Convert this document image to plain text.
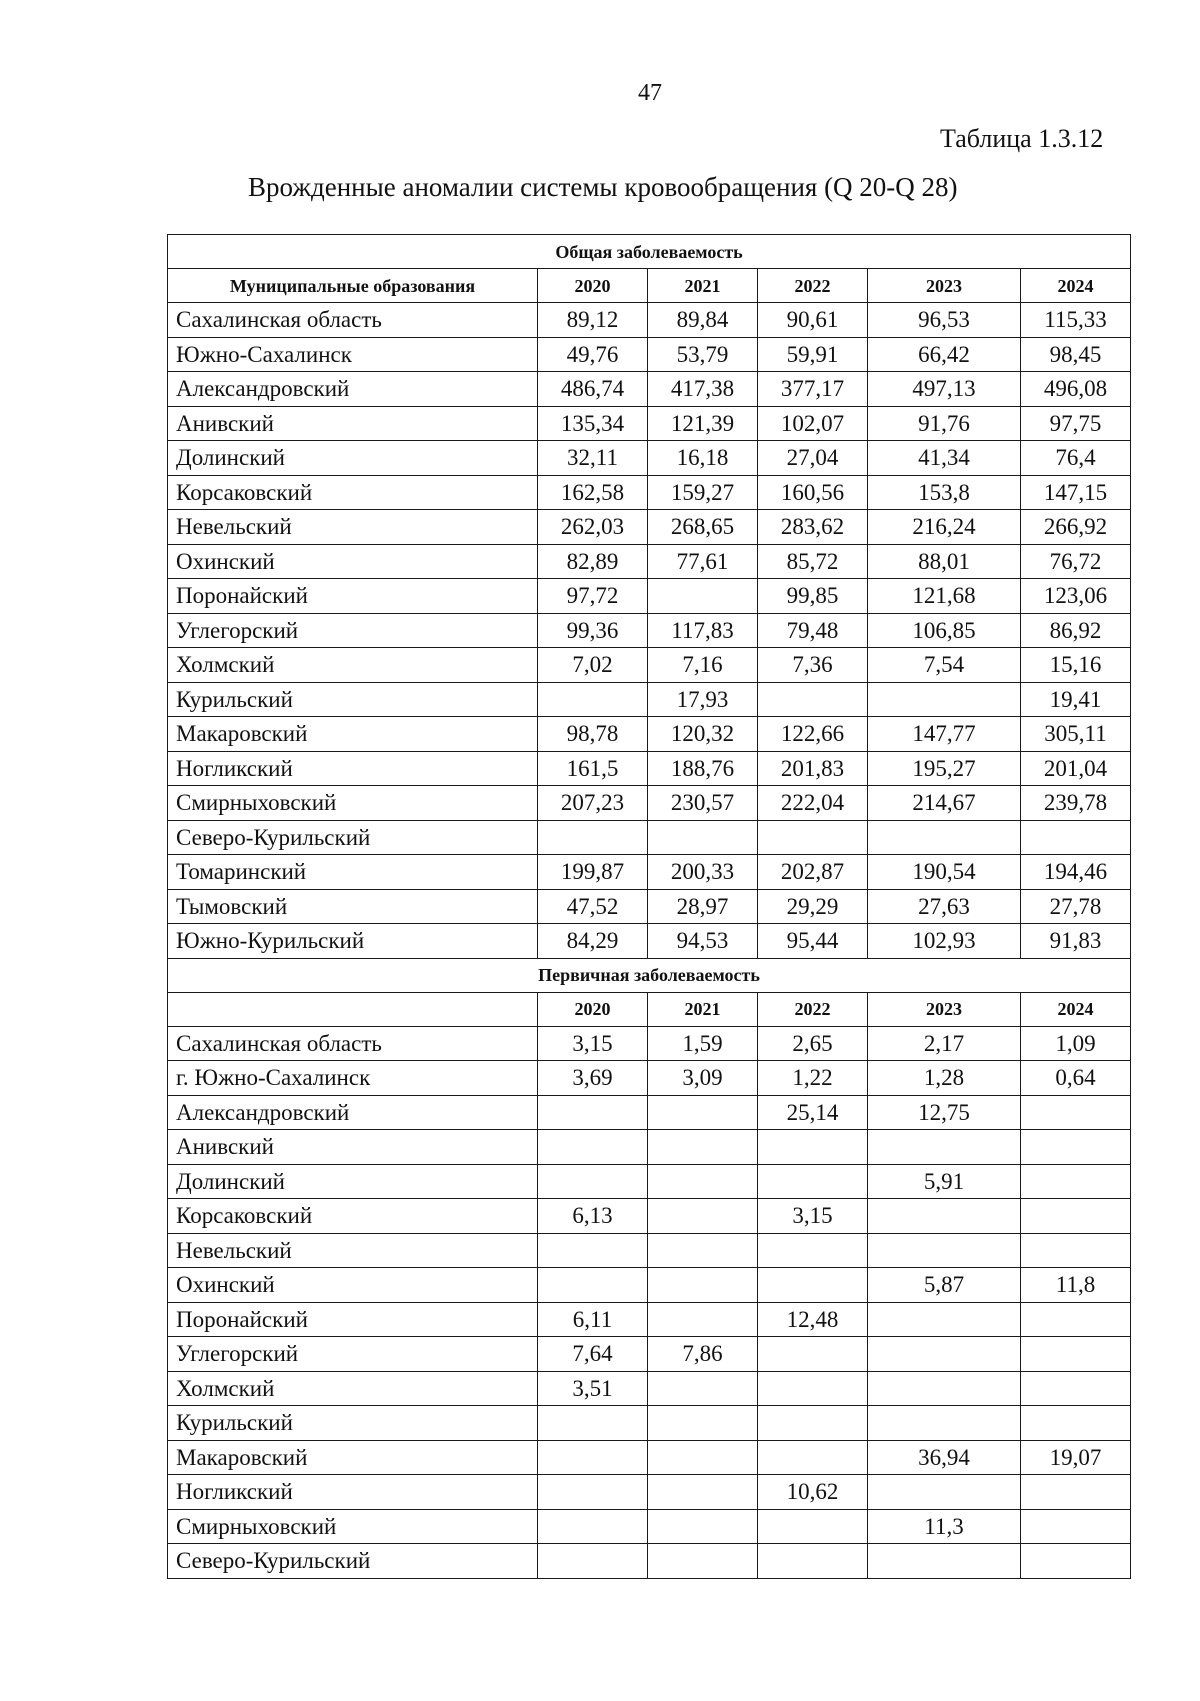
47
Таблица 1.3.12
Врожденные аномалии системы кровообращения (Q 20-Q 28)
Общая заболеваемость					
Муниципальные образования	2020	2021	2022	2023	2024
Сахалинская область	89,12	89,84	90,61	96,53	115,33
Южно-Сахалинск	49,76	53,79	59,91	66,42	98,45
Александровский	486,74	417,38	377,17	497,13	496,08
Анивский	135,34	121,39	102,07	91,76	97,75
Долинский	32,11	16,18	27,04	41,34	76,4
Корсаковский	162,58	159,27	160,56	153,8	147,15
Невельский	262,03	268,65	283,62	216,24	266,92
Охинский	82,89	77,61	85,72	88,01	76,72
Поронайский	97,72		99,85	121,68	123,06
Углегорский	99,36	117,83	79,48	106,85	86,92
Холмский	7,02	7,16	7,36	7,54	15,16
Курильский		17,93			19,41
Макаровский	98,78	120,32	122,66	147,77	305,11
Ногликский	161,5	188,76	201,83	195,27	201,04
Смирныховский	207,23	230,57	222,04	214,67	239,78
Северо-Курильский					
Томаринский	199,87	200,33	202,87	190,54	194,46
Тымовский	47,52	28,97	29,29	27,63	27,78
Южно-Курильский	84,29	94,53	95,44	102,93	91,83
Первичная заболеваемость					
	2020	2021	2022	2023	2024
Сахалинская область	3,15	1,59	2,65	2,17	1,09
г. Южно-Сахалинск	3,69	3,09	1,22	1,28	0,64
Александровский			25,14	12,75	
Анивский					
Долинский				5,91	
Корсаковский	6,13		3,15		
Невельский					
Охинский				5,87	11,8
Поронайский	6,11		12,48		
Углегорский	7,64	7,86			
Холмский	3,51				
Курильский					
Макаровский				36,94	19,07
Ногликский			10,62		
Смирныховский				11,3	
Северо-Курильский					
